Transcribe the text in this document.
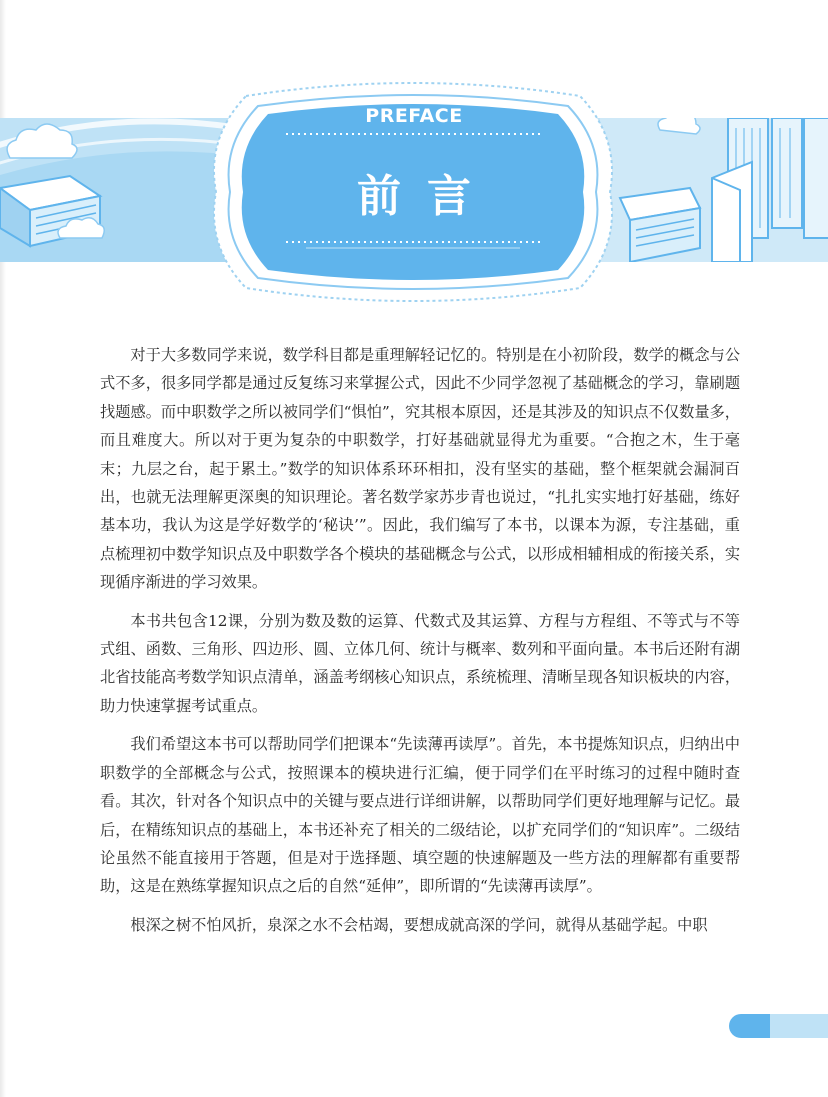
PREFACE
前言

对于大多数同学来说，数学科目都是重理解轻记忆的。特别是在小初阶段，数学的概念与公式不多，很多同学都是通过反复练习来掌握公式，因此不少同学忽视了基础概念的学习，靠刷题找题感。而中职数学之所以被同学们“惧怕”，究其根本原因，还是其涉及的知识点不仅数量多，而且难度大。所以对于更为复杂的中职数学，打好基础就显得尤为重要。“合抱之木，生于毫末；九层之台，起于累土。”数学的知识体系环环相扣，没有坚实的基础，整个框架就会漏洞百出，也就无法理解更深奥的知识理论。著名数学家苏步青也说过，“扎扎实实地打好基础，练好基本功，我认为这是学好数学的‘秘诀’”。因此，我们编写了本书，以课本为源，专注基础，重点梳理初中数学知识点及中职数学各个模块的基础概念与公式，以形成相辅相成的衔接关系，实现循序渐进的学习效果。

本书共包含12课，分别为数及数的运算、代数式及其运算、方程与方程组、不等式与不等式组、函数、三角形、四边形、圆、立体几何、统计与概率、数列和平面向量。本书后还附有湖北省技能高考数学知识点清单，涵盖考纲核心知识点，系统梳理、清晰呈现各知识板块的内容，助力快速掌握考试重点。

我们希望这本书可以帮助同学们把课本“先读薄再读厚”。首先，本书提炼知识点，归纳出中职数学的全部概念与公式，按照课本的模块进行汇编，便于同学们在平时练习的过程中随时查看。其次，针对各个知识点中的关键与要点进行详细讲解，以帮助同学们更好地理解与记忆。最后，在精练知识点的基础上，本书还补充了相关的二级结论，以扩充同学们的“知识库”。二级结论虽然不能直接用于答题，但是对于选择题、填空题的快速解题及一些方法的理解都有重要帮助，这是在熟练掌握知识点之后的自然“延伸”，即所谓的“先读薄再读厚”。

根深之树不怕风折，泉深之水不会枯竭，要想成就高深的学问，就得从基础学起。中职
